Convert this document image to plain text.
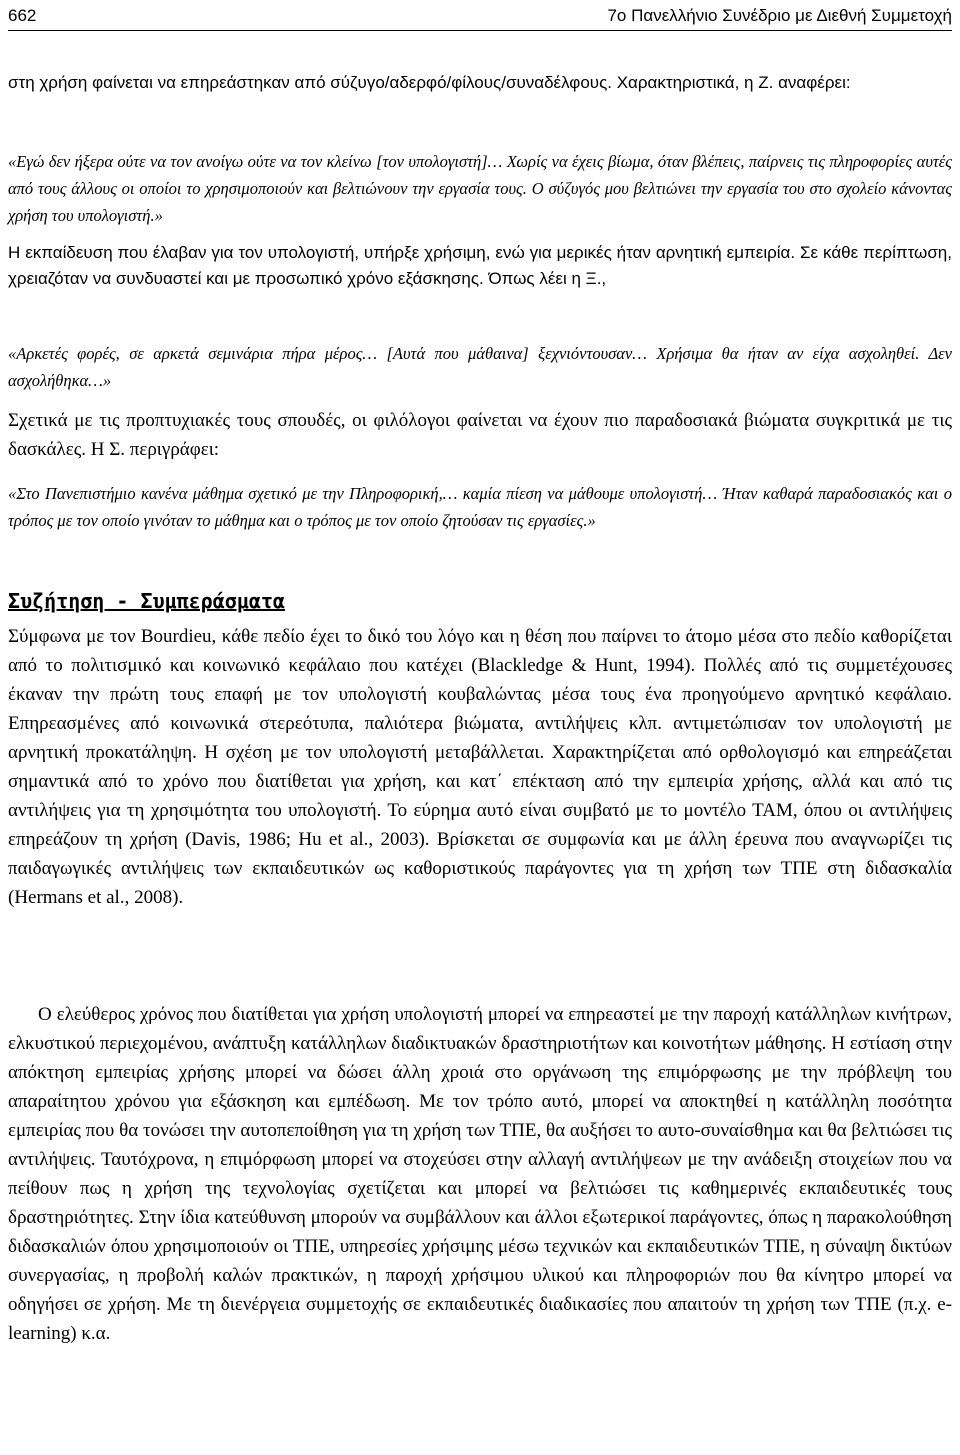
662	7ο Πανελλήνιο Συνέδριο με Διεθνή Συμμετοχή

στη χρήση φαίνεται να επηρεάστηκαν από σύζυγο/αδερφό/φίλους/συναδέλφους. Χαρακτηριστικά, η Ζ. αναφέρει:

«Εγώ δεν ήξερα ούτε να τον ανοίγω ούτε να τον κλείνω [τον υπολογιστή]… Χωρίς να έχεις βίωμα, όταν βλέπεις, παίρνεις τις πληροφορίες αυτές από τους άλλους οι οποίοι το χρησιμοποιούν και βελτιώνουν την εργασία τους. Ο σύζυγός μου βελτιώνει την εργασία του στο σχολείο κάνοντας χρήση του υπολογιστή.»

Η εκπαίδευση που έλαβαν για τον υπολογιστή, υπήρξε χρήσιμη, ενώ για μερικές ήταν αρνητική εμπειρία. Σε κάθε περίπτωση, χρειαζόταν να συνδυαστεί και με προσωπικό χρόνο εξάσκησης. Όπως λέει η Ξ.,

«Αρκετές φορές, σε αρκετά σεμινάρια πήρα μέρος… [Αυτά που μάθαινα] ξεχνιόντουσαν… Χρήσιμα θα ήταν αν είχα ασχοληθεί. Δεν ασχολήθηκα…»

Σχετικά με τις προπτυχιακές τους σπουδές, οι φιλόλογοι φαίνεται να έχουν πιο παραδοσιακά βιώματα συγκριτικά με τις δασκάλες. Η Σ. περιγράφει:

«Στο Πανεπιστήμιο κανένα μάθημα σχετικό με την Πληροφορική,… καμία πίεση να μάθουμε υπολογιστή… Ήταν καθαρά παραδοσιακός και ο τρόπος με τον οποίο γινόταν το μάθημα και ο τρόπος με τον οποίο ζητούσαν τις εργασίες.»

Συζήτηση - Συμπεράσματα

Σύμφωνα με τον Bourdieu, κάθε πεδίο έχει το δικό του λόγο και η θέση που παίρνει το άτομο μέσα στο πεδίο καθορίζεται από το πολιτισμικό και κοινωνικό κεφάλαιο που κατέχει (Blackledge & Hunt, 1994). Πολλές από τις συμμετέχουσες έκαναν την πρώτη τους επαφή με τον υπολογιστή κουβαλώντας μέσα τους ένα προηγούμενο αρνητικό κεφάλαιο. Επηρεασμένες από κοινωνικά στερεότυπα, παλιότερα βιώματα, αντιλήψεις κλπ. αντιμετώπισαν τον υπολογιστή με αρνητική προκατάληψη. Η σχέση με τον υπολογιστή μεταβάλλεται. Χαρακτηρίζεται από ορθολογισμό και επηρεάζεται σημαντικά από το χρόνο που διατίθεται για χρήση, και κατ΄ επέκταση από την εμπειρία χρήσης, αλλά και από τις αντιλήψεις για τη χρησιμότητα του υπολογιστή. Το εύρημα αυτό είναι συμβατό με το μοντέλο ΤΑΜ, όπου οι αντιλήψεις επηρεάζουν τη χρήση (Davis, 1986; Hu et al., 2003). Βρίσκεται σε συμφωνία και με άλλη έρευνα που αναγνωρίζει τις παιδαγωγικές αντιλήψεις των εκπαιδευτικών ως καθοριστικούς παράγοντες για τη χρήση των ΤΠΕ στη διδασκαλία (Hermans et al., 2008).

Ο ελεύθερος χρόνος που διατίθεται για χρήση υπολογιστή μπορεί να επηρεαστεί με την παροχή κατάλληλων κινήτρων, ελκυστικού περιεχομένου, ανάπτυξη κατάλληλων διαδικτυακών δραστηριοτήτων και κοινοτήτων μάθησης. Η εστίαση στην απόκτηση εμπειρίας χρήσης μπορεί να δώσει άλλη χροιά στο οργάνωση της επιμόρφωσης με την πρόβλεψη του απαραίτητου χρόνου για εξάσκηση και εμπέδωση. Με τον τρόπο αυτό, μπορεί να αποκτηθεί η κατάλληλη ποσότητα εμπειρίας που θα τονώσει την αυτοπεποίθηση για τη χρήση των ΤΠΕ, θα αυξήσει το αυτο-συναίσθημα και θα βελτιώσει τις αντιλήψεις. Ταυτόχρονα, η επιμόρφωση μπορεί να στοχεύσει στην αλλαγή αντιλήψεων με την ανάδειξη στοιχείων που να πείθουν πως η χρήση της τεχνολογίας σχετίζεται και μπορεί να βελτιώσει τις καθημερινές εκπαιδευτικές τους δραστηριότητες. Στην ίδια κατεύθυνση μπορούν να συμβάλλουν και άλλοι εξωτερικοί παράγοντες, όπως η παρακολούθηση διδασκαλιών όπου χρησιμοποιούν οι ΤΠΕ, υπηρεσίες χρήσιμης μέσω τεχνικών και εκπαιδευτικών ΤΠΕ, η σύναψη δικτύων συνεργασίας, η προβολή καλών πρακτικών, η παροχή χρήσιμου υλικού και πληροφοριών που θα κίνητρο μπορεί να οδηγήσει σε χρήση. Με τη διενέργεια συμμετοχής σε εκπαιδευτικές διαδικασίες που απαιτούν τη χρήση των ΤΠΕ (π.χ. e-learning) κ.α.
